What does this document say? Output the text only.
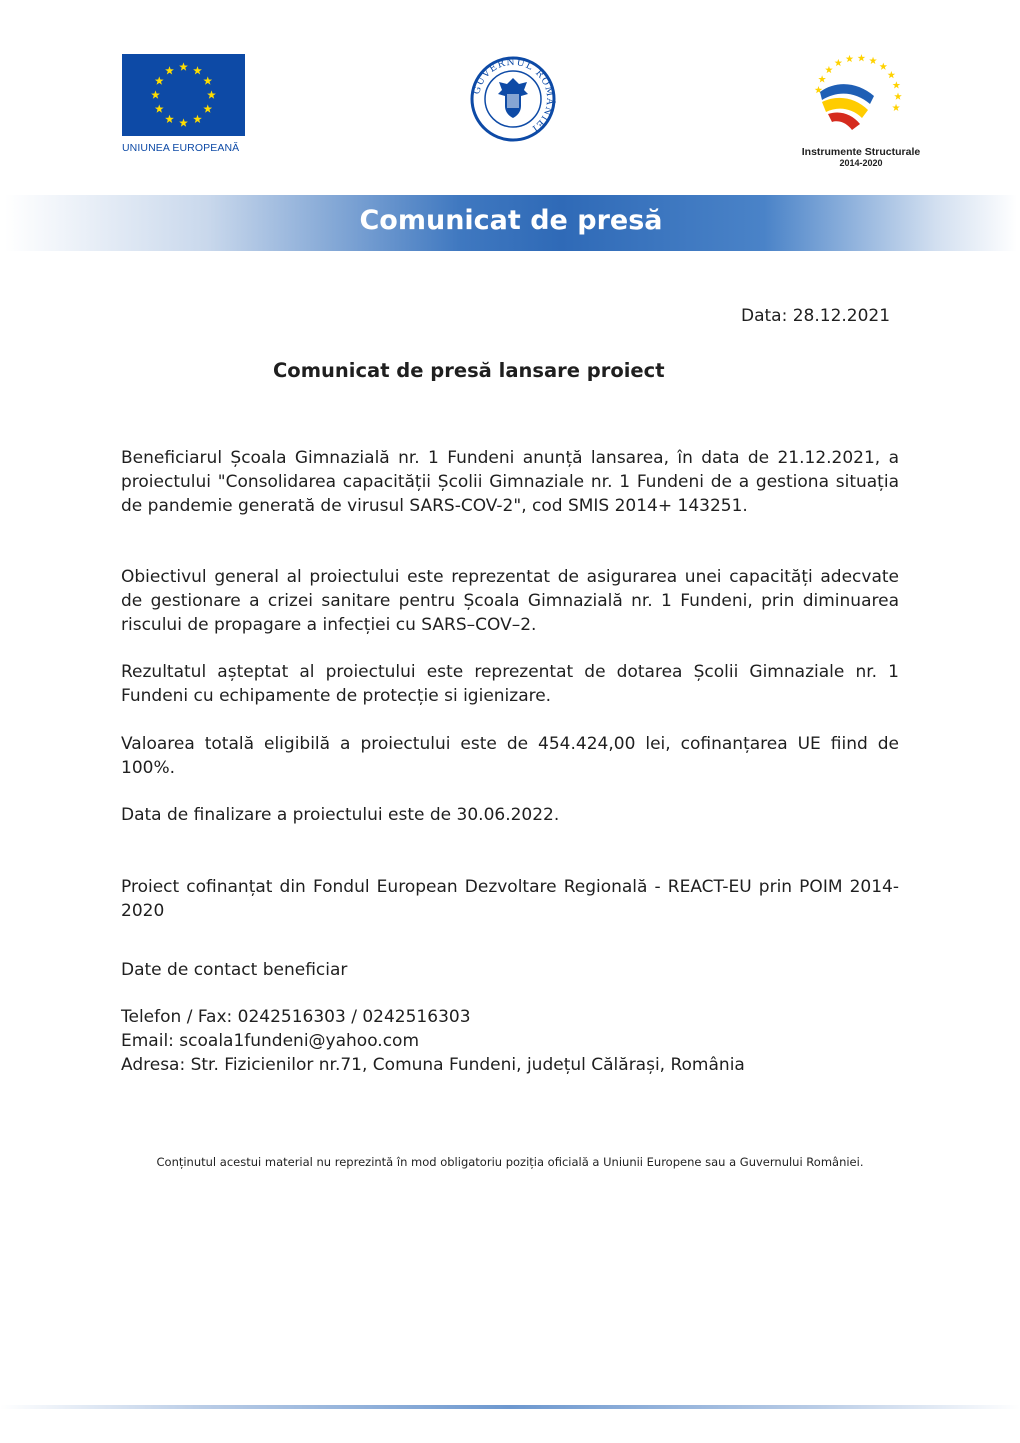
UNIUNEA EUROPEANĂ
GUVERNUL ROMÂNIEI
Instrumente Structurale
2014-2020
Comunicat de presă
Data: 28.12.2021
Comunicat de presă lansare proiect

Beneficiarul Școala Gimnazială nr. 1 Fundeni anunță lansarea, în data de 21.12.2021, a proiectului "Consolidarea capacității Școlii Gimnaziale nr. 1 Fundeni de a gestiona situația de pandemie generată de virusul SARS-COV-2", cod SMIS 2014+ 143251.

Obiectivul general al proiectului este reprezentat de asigurarea unei capacități adecvate de gestionare a crizei sanitare pentru Școala Gimnazială nr. 1 Fundeni, prin diminuarea riscului de propagare a infecției cu SARS–COV–2.

Rezultatul așteptat al proiectului este reprezentat de dotarea Școlii Gimnaziale nr. 1 Fundeni cu echipamente de protecție si igienizare.

Valoarea totală eligibilă a proiectului este de 454.424,00 lei, cofinanțarea UE fiind de 100%.

Data de finalizare a proiectului este de 30.06.2022.

Proiect cofinanțat din Fondul European Dezvoltare Regională - REACT-EU prin POIM 2014-2020

Date de contact beneficiar

Telefon / Fax: 0242516303 / 0242516303
Email: scoala1fundeni@yahoo.com
Adresa: Str. Fizicienilor nr.71, Comuna Fundeni, județul Călărași, România
Conținutul acestui material nu reprezintă în mod obligatoriu poziția oficială a Uniunii Europene sau a Guvernului României.
